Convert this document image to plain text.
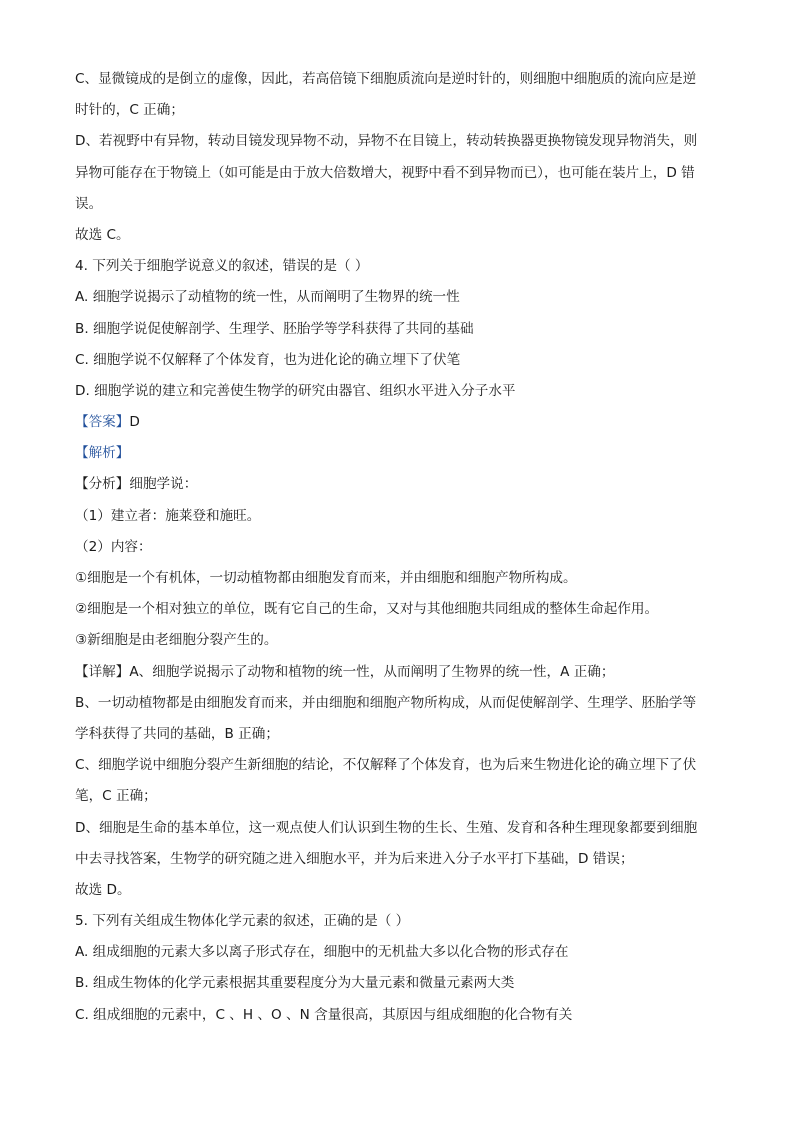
C、显微镜成的是倒立的虚像，因此，若高倍镜下细胞质流向是逆时针的，则细胞中细胞质的流向应是逆
时针的，C 正确；
D、若视野中有异物，转动目镜发现异物不动，异物不在目镜上，转动转换器更换物镜发现异物消失，则
异物可能存在于物镜上（如可能是由于放大倍数增大，视野中看不到异物而已），也可能在装片上，D 错
误。
故选 C。
4. 下列关于细胞学说意义的叙述，错误的是（ ）
A. 细胞学说揭示了动植物的统一性，从而阐明了生物界的统一性
B. 细胞学说促使解剖学、生理学、胚胎学等学科获得了共同的基础
C. 细胞学说不仅解释了个体发育，也为进化论的确立埋下了伏笔
D. 细胞学说的建立和完善使生物学的研究由器官、组织水平进入分子水平
【答案】D
【解析】
【分析】细胞学说：
（1）建立者：施莱登和施旺。
（2）内容：
①细胞是一个有机体，一切动植物都由细胞发育而来，并由细胞和细胞产物所构成。
②细胞是一个相对独立的单位，既有它自己的生命，又对与其他细胞共同组成的整体生命起作用。
③新细胞是由老细胞分裂产生的。
【详解】A、细胞学说揭示了动物和植物的统一性，从而阐明了生物界的统一性，A 正确；
B、一切动植物都是由细胞发育而来，并由细胞和细胞产物所构成，从而促使解剖学、生理学、胚胎学等
学科获得了共同的基础，B 正确；
C、细胞学说中细胞分裂产生新细胞的结论，不仅解释了个体发育，也为后来生物进化论的确立埋下了伏
笔，C 正确；
D、细胞是生命的基本单位，这一观点使人们认识到生物的生长、生殖、发育和各种生理现象都要到细胞
中去寻找答案，生物学的研究随之进入细胞水平，并为后来进入分子水平打下基础，D 错误；
故选 D。
5. 下列有关组成生物体化学元素的叙述，正确的是（ ）
A. 组成细胞的元素大多以离子形式存在，细胞中的无机盐大多以化合物的形式存在
B. 组成生物体的化学元素根据其重要程度分为大量元素和微量元素两大类
C. 组成细胞的元素中，C 、H 、O 、N 含量很高，其原因与组成细胞的化合物有关
